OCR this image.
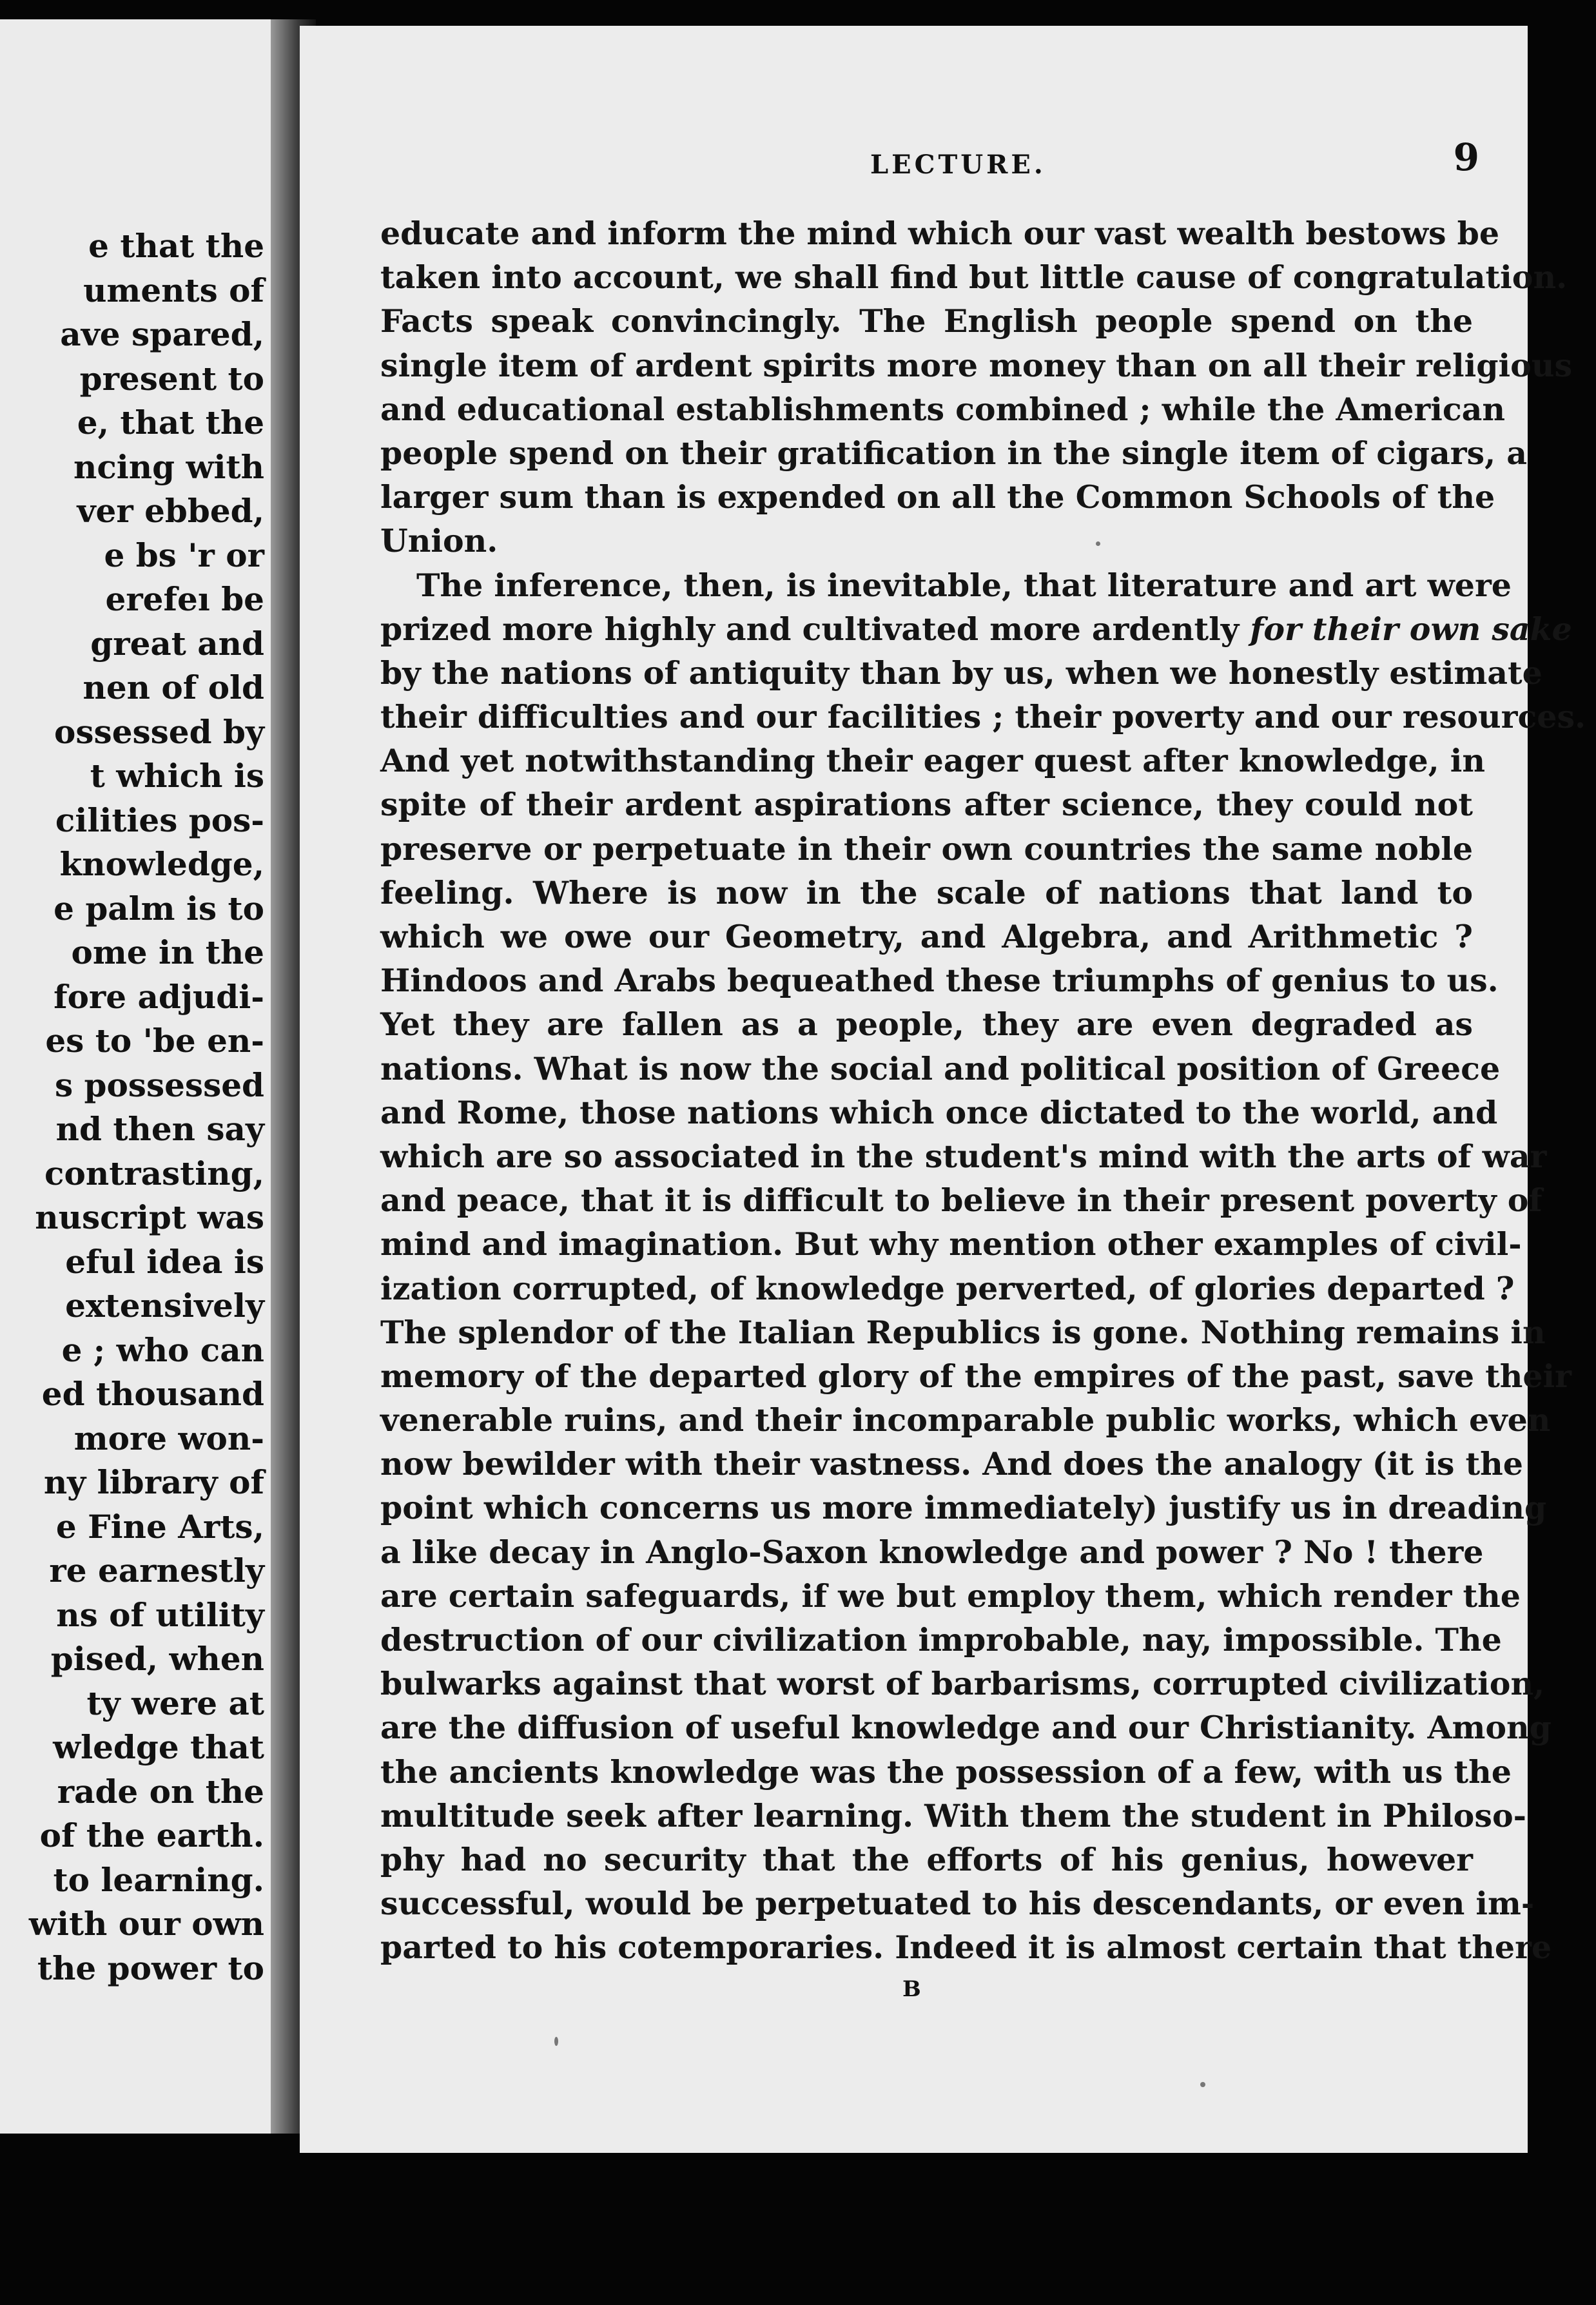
e that the
uments of
ave spared,
present to
e, that the
ncing with
ver ebbed,
e bs 'r or
erefeı be
great and
nen of old
ossessed by
t which is
cilities pos-
knowledge,
e palm is to
ome in the
fore adjudi-
es to 'be en-
s possessed
nd then say
contrasting,
nuscript was
eful idea is
extensively
e ; who can
ed thousand
more won-
ny library of
e Fine Arts,
re earnestly
ns of utility
pised, when
ty were at
wledge that
rade on the
of the earth.
to learning.
with our own
the power to
LECTURE.	9
educate and inform the mind which our vast wealth bestows be
taken into account, we shall find but little cause of congratulation.
Facts speak convincingly. The English people spend on the
single item of ardent spirits more money than on all their religious
and educational establishments combined ; while the American
people spend on their gratification in the single item of cigars, a
larger sum than is expended on all the Common Schools of the
Union.
The inference, then, is inevitable, that literature and art were
prized more highly and cultivated more ardently for their own sake
by the nations of antiquity than by us, when we honestly estimate
their difficulties and our facilities ; their poverty and our resources.
And yet notwithstanding their eager quest after knowledge, in
spite of their ardent aspirations after science, they could not
preserve or perpetuate in their own countries the same noble
feeling. Where is now in the scale of nations that land to
which we owe our Geometry, and Algebra, and Arithmetic ?
Hindoos and Arabs bequeathed these triumphs of genius to us.
Yet they are fallen as a people, they are even degraded as
nations. What is now the social and political position of Greece
and Rome, those nations which once dictated to the world, and
which are so associated in the student's mind with the arts of war
and peace, that it is difficult to believe in their present poverty of
mind and imagination. But why mention other examples of civil-
ization corrupted, of knowledge perverted, of glories departed ?
The splendor of the Italian Republics is gone. Nothing remains in
memory of the departed glory of the empires of the past, save their
venerable ruins, and their incomparable public works, which even
now bewilder with their vastness. And does the analogy (it is the
point which concerns us more immediately) justify us in dreading
a like decay in Anglo-Saxon knowledge and power ? No ! there
are certain safeguards, if we but employ them, which render the
destruction of our civilization improbable, nay, impossible. The
bulwarks against that worst of barbarisms, corrupted civilization,
are the diffusion of useful knowledge and our Christianity. Among
the ancients knowledge was the possession of a few, with us the
multitude seek after learning. With them the student in Philoso-
phy had no security that the efforts of his genius, however
successful, would be perpetuated to his descendants, or even im-
parted to his cotemporaries. Indeed it is almost certain that there
B
